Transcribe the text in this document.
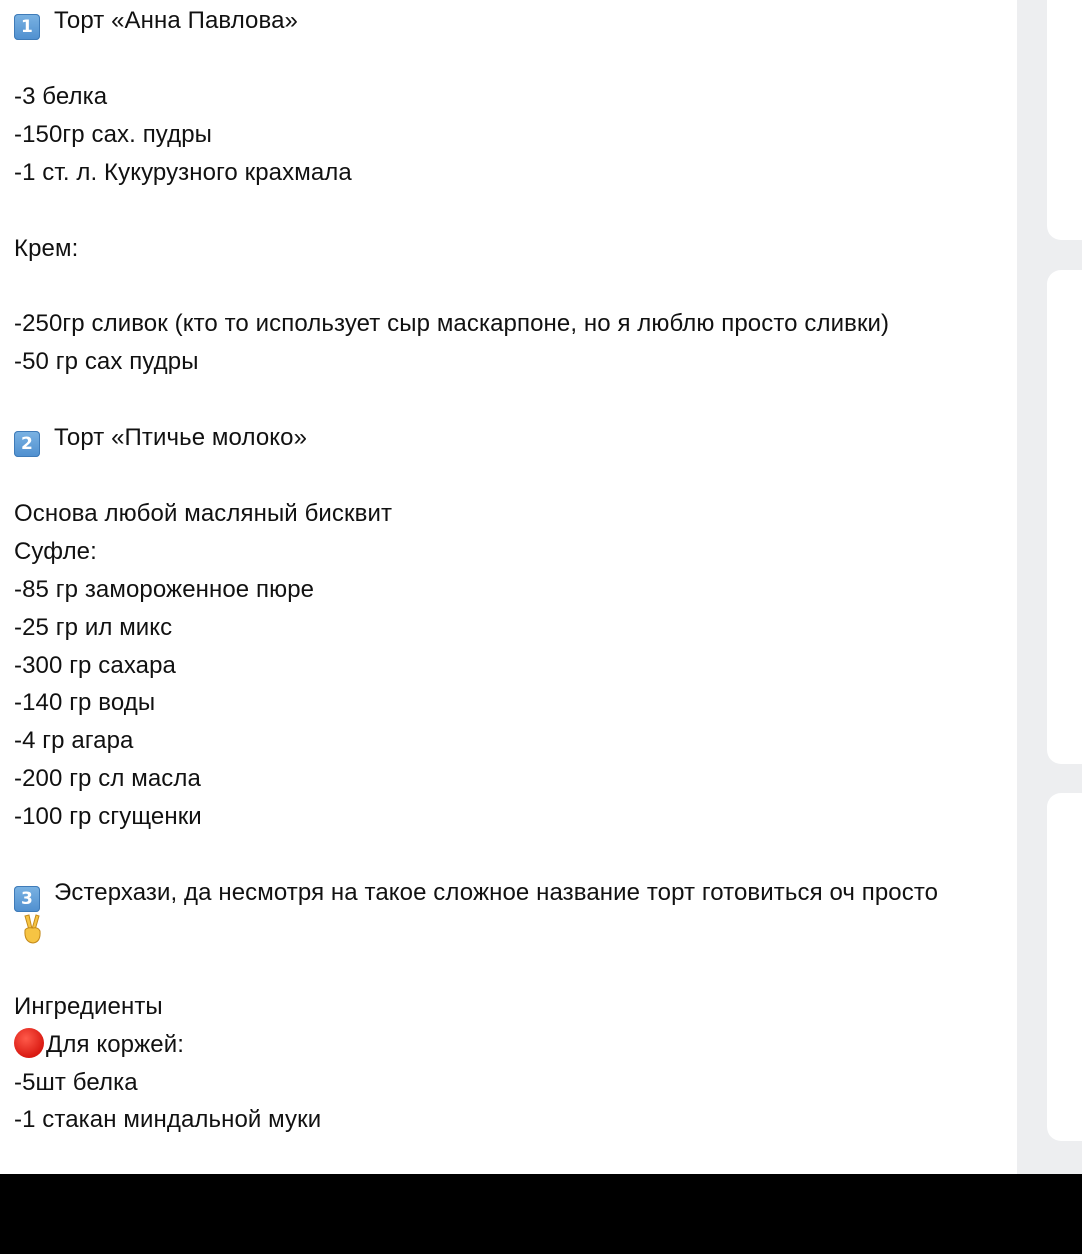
1 Торт «Анна Павлова»
-3 белка
-150гр сах. пудры
-1 ст. л. Кукурузного крахмала
Крем:
-250гр сливок (кто то использует сыр маскарпоне, но я люблю просто сливки)
-50 гр сах пудры
2 Торт «Птичье молоко»
Основа любой масляный бисквит
Суфле:
-85 гр замороженное пюре
-25 гр ил микс
-300 гр сахара
-140 гр воды
-4 гр агара
-200 гр сл масла
-100 гр сгущенки
3 Эстерхази, да несмотря на такое сложное название торт готовиться оч просто
Ингредиенты
Для коржей:
-5шт белка
-1 стакан миндальной муки
